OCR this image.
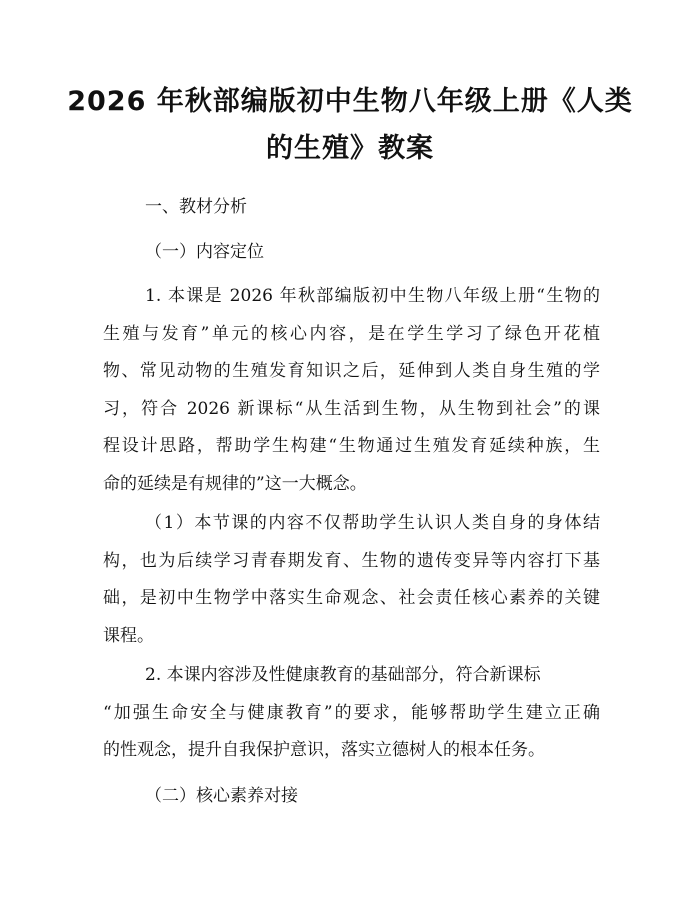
2026 年秋部编版初中生物八年级上册《人类
的生殖》教案

一、教材分析

（一）内容定位

1. 本课是 2026 年秋部编版初中生物八年级上册“生物的
生殖与发育”单元的核心内容，是在学生学习了绿色开花植
物、常见动物的生殖发育知识之后，延伸到人类自身生殖的学
习，符合 2026 新课标“从生活到生物，从生物到社会”的课
程设计思路，帮助学生构建“生物通过生殖发育延续种族，生
命的延续是有规律的”这一大概念。
（1）本节课的内容不仅帮助学生认识人类自身的身体结
构，也为后续学习青春期发育、生物的遗传变异等内容打下基
础，是初中生物学中落实生命观念、社会责任核心素养的关键
课程。
2. 本课内容涉及性健康教育的基础部分，符合新课标
“加强生命安全与健康教育”的要求，能够帮助学生建立正确
的性观念，提升自我保护意识，落实立德树人的根本任务。

（二）核心素养对接
